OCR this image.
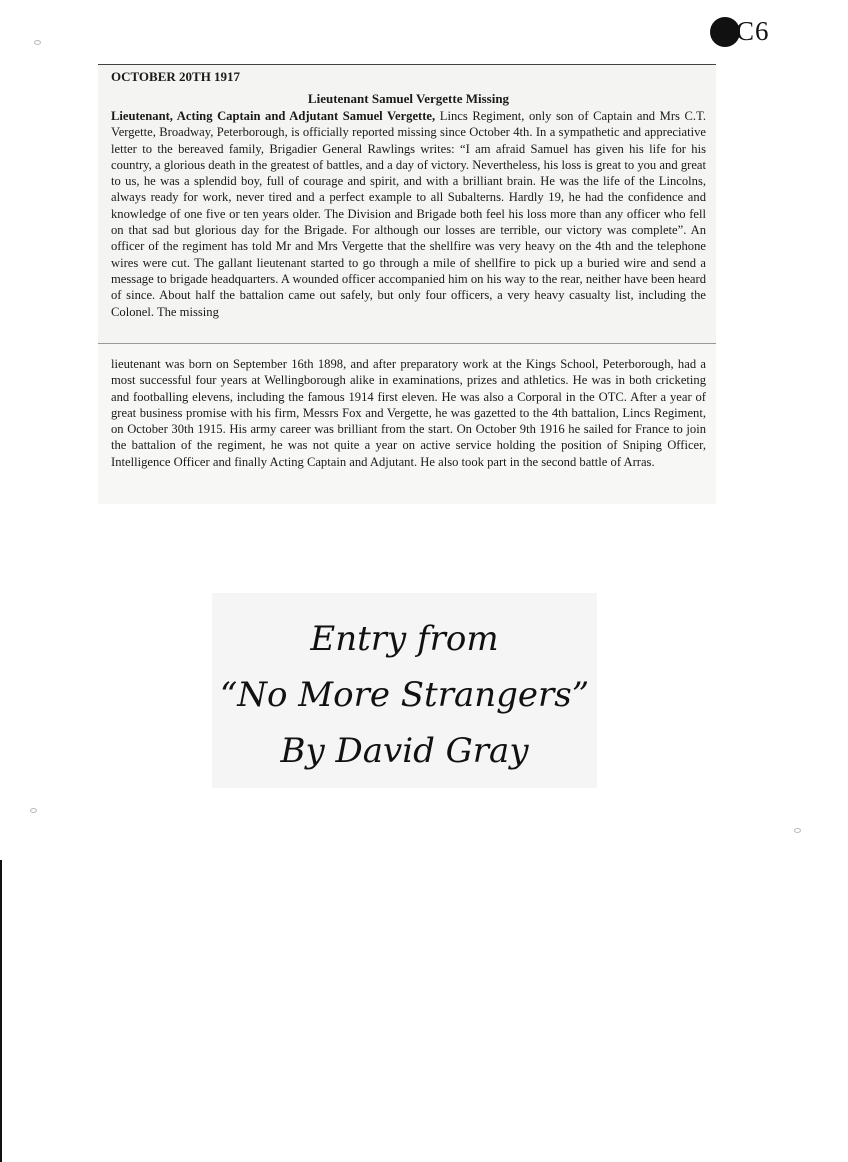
C6

OCTOBER 20TH 1917

Lieutenant Samuel Vergette Missing

Lieutenant, Acting Captain and Adjutant Samuel Vergette, Lincs Regiment, only son of Captain and Mrs C.T. Vergette, Broadway, Peterborough, is officially reported missing since October 4th. In a sympathetic and appreciative letter to the bereaved family, Brigadier General Rawlings writes: “I am afraid Samuel has given his life for his country, a glorious death in the greatest of battles, and a day of victory. Nevertheless, his loss is great to you and great to us, he was a splendid boy, full of courage and spirit, and with a brilliant brain. He was the life of the Lincolns, always ready for work, never tired and a perfect example to all Subalterns. Hardly 19, he had the confidence and knowledge of one five or ten years older. The Division and Brigade both feel his loss more than any officer who fell on that sad but glorious day for the Brigade. For although our losses are terrible, our victory was complete”. An officer of the regiment has told Mr and Mrs Vergette that the shellfire was very heavy on the 4th and the telephone wires were cut. The gallant lieutenant started to go through a mile of shellfire to pick up a buried wire and send a message to brigade headquarters. A wounded officer accompanied him on his way to the rear, neither have been heard of since. About half the battalion came out safely, but only four officers, a very heavy casualty list, including the Colonel. The missing

lieutenant was born on September 16th 1898, and after preparatory work at the Kings School, Peterborough, had a most successful four years at Wellingborough alike in examinations, prizes and athletics. He was in both cricketing and footballing elevens, including the famous 1914 first eleven. He was also a Corporal in the OTC. After a year of great business promise with his firm, Messrs Fox and Vergette, he was gazetted to the 4th battalion, Lincs Regiment, on October 30th 1915. His army career was brilliant from the start. On October 9th 1916 he sailed for France to join the battalion of the regiment, he was not quite a year on active service holding the position of Sniping Officer, Intelligence Officer and finally Acting Captain and Adjutant. He also took part in the second battle of Arras.

Entry from
“No More Strangers”
By David Gray
